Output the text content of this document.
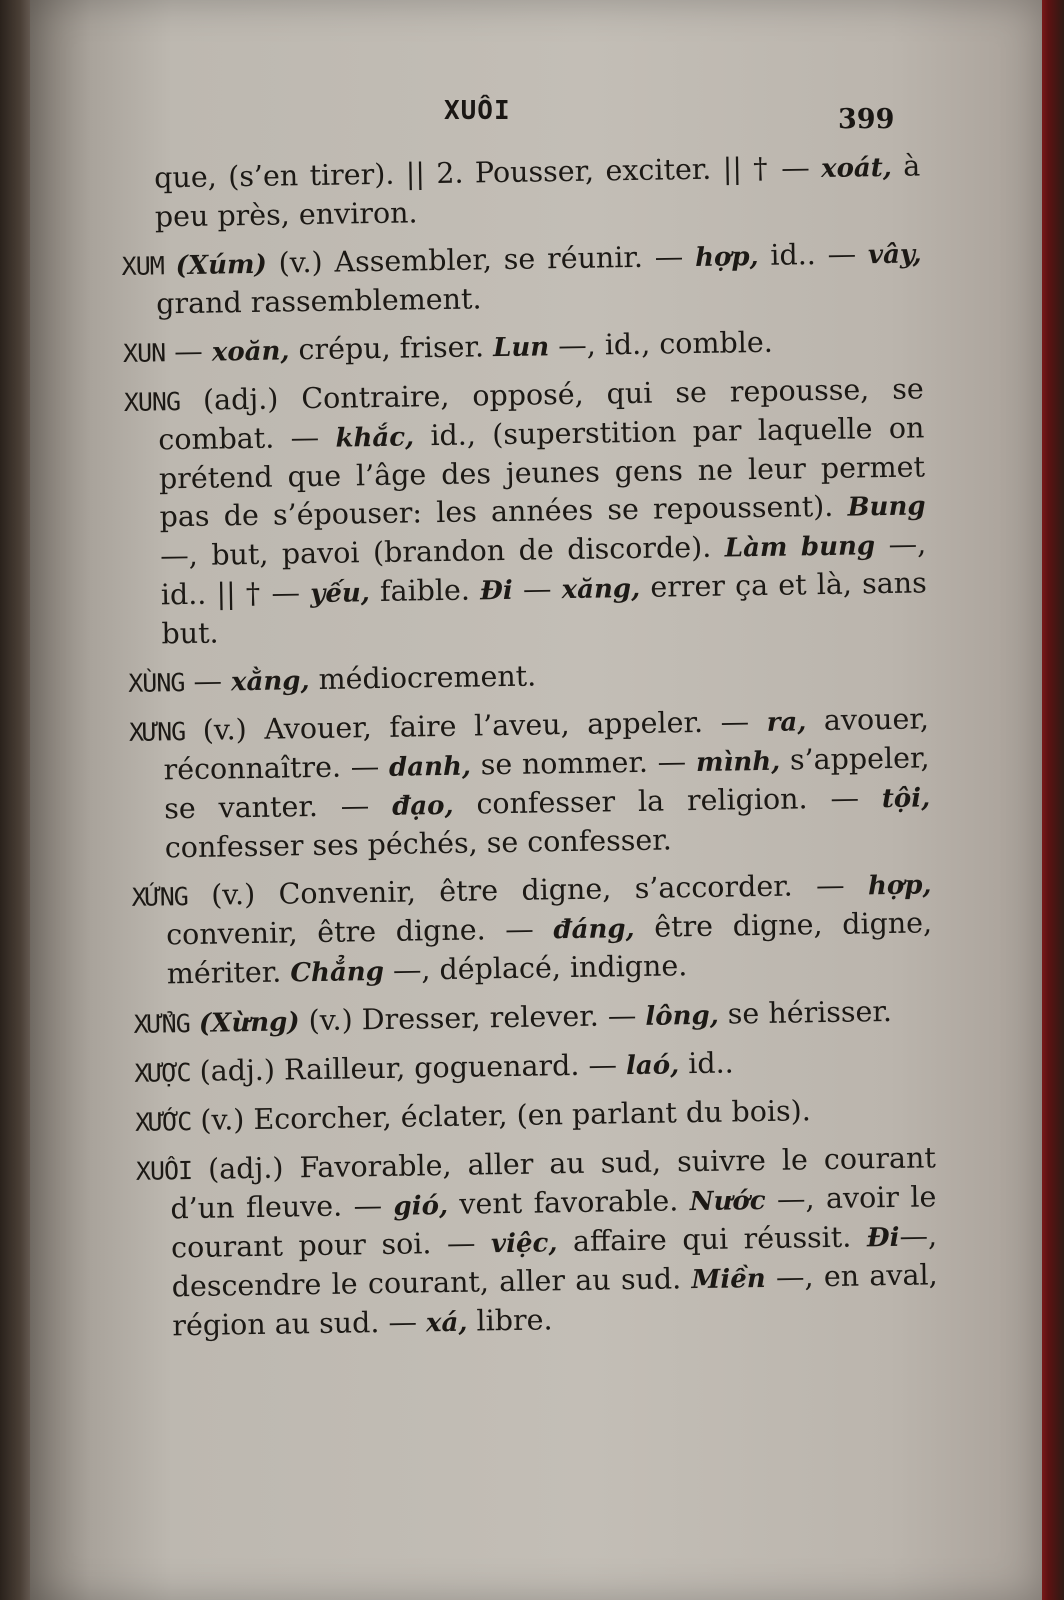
XUÔI	399

que, (s’en tirer). || 2. Pousser, exciter. || † — xoát, à peu près, environ.

XUM (Xúm) (v.) Assembler, se réunir. — hợp, id.. — vây, grand rassemblement.

XUN — xoăn, crépu, friser. Lun —, id., comble.

XUNG (adj.) Contraire, opposé, qui se repousse, se combat. — khắc, id., (superstition par laquelle on prétend que l’âge des jeunes gens ne leur permet pas de s’épouser: les années se repoussent). Bung—, but, pavoi (brandon de discorde). Làm bung —, id.. || † — yếu, faible. Đi — xăng, errer ça et là, sans but.

XÙNG — xằng, médiocrement.

XƯNG (v.) Avouer, faire l’aveu, appeler. — ra, avouer, réconnaître. — danh, se nommer. — mình, s’appeler, se vanter. — đạo, confesser la religion. — tội, confesser ses péchés, se confesser.

XỨNG (v.) Convenir, être digne, s’accorder. — hợp, convenir, être digne. — đáng, être digne, digne, mériter. Chẳng —, déplacé, indigne.

XỬNG (Xừng) (v.) Dresser, relever. — lông, se hérisser.

XƯỢC (adj.) Railleur, goguenard. — laó, id..

XƯỚC (v.) Ecorcher, éclater, (en parlant du bois).

XUÔI (adj.) Favorable, aller au sud, suivre le courant d’un fleuve. — gió, vent favorable. Nước —, avoir le courant pour soi. — việc, affaire qui réussit. Đi—, descendre le courant, aller au sud. Miền —, en aval, région au sud. — xá, libre.
